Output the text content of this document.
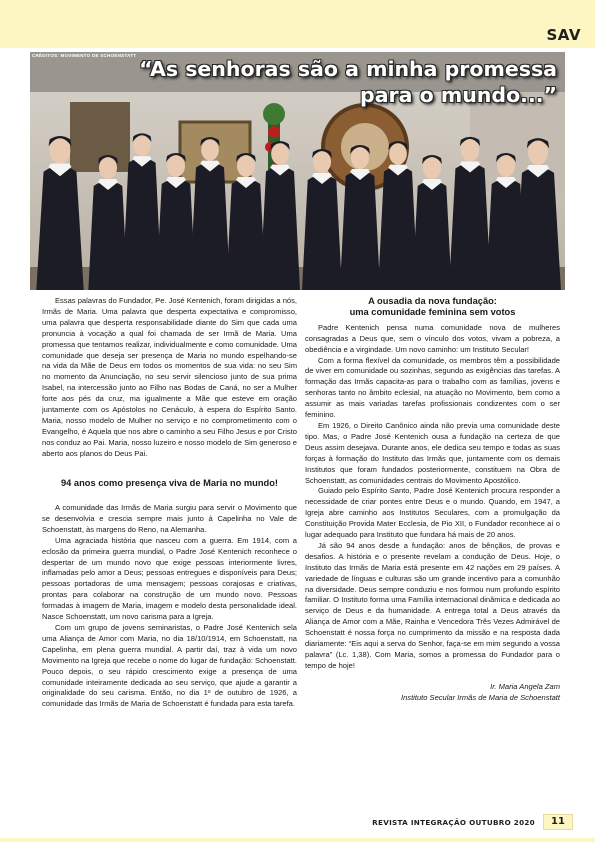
SAV
CRÉDITOS: MOVIMENTO DE SCHOENSTATT
“As senhoras são a minha promessa
para o mundo...”

Essas palavras do Fundador, Pe. José Kentenich, foram dirigidas a nós, Irmãs de Maria. Uma palavra que desperta expectativa e compromisso, uma palavra que desperta responsabilidade diante do Sim que cada uma pronuncia à vocação a qual foi chamada de ser Irmã de Maria. Uma promessa que tentamos realizar, individualmente e como comunidade. Uma comunidade que deseja ser presença de Maria no mundo espelhando-se na vida da Mãe de Deus em todos os momentos de sua vida: no seu Sim no momento da Anunciação, no seu servir silencioso junto de sua prima Isabel, na intercessão junto ao Filho nas Bodas de Caná, no ser a Mulher forte aos pés da cruz, ma igualmente a Mãe que esteve em oração juntamente com os Apóstolos no Cenáculo, à espera do Espírito Santo. Maria, nosso modelo de Mulher no serviço e no comprometimento com o Evangelho, é Aquela que nos abre o caminho a seu Filho Jesus e por Cristo nos conduz ao Pai. Maria, nosso luzeiro e nosso modelo de Sim generoso e aberto aos planos do Deus Pai.

94 anos como presença viva de Maria no mundo!

A comunidade das Irmãs de Maria surgiu para servir o Movimento que se desenvolvia e crescia sempre mais junto à Capelinha no Vale de Schoenstatt, às margens do Reno, na Alemanha.

Uma agraciada história que nasceu com a guerra. Em 1914, com a eclosão da primeira guerra mundial, o Padre José Kentenich reconhece o despertar de um mundo novo que exige pessoas interiormente livres, inflamadas pelo amor a Deus; pessoas entregues e disponíveis para Deus; pessoas portadoras de uma mensagem; pessoas corajosas e criativas, prontas para colaborar na construção de um mundo novo. Pessoas formadas à imagem de Maria, imagem e modelo desta personalidade ideal. Nasce Schoenstatt, um novo carisma para a Igreja.

Com um grupo de jovens seminaristas, o Padre José Kentenich sela uma Aliança de Amor com Maria, no dia 18/10/1914, em Schoenstatt, na Capelinha, em plena guerra mundial. A partir daí, traz à vida um novo Movimento na Igreja que recebe o nome do lugar de fundação: Schoenstatt. Pouco depois, o seu rápido crescimento exige a presença de uma comunidade inteiramente dedicada ao seu serviço, que ajude a garantir a originalidade do seu carisma. Então, no dia 1º de outubro de 1926, a comunidade das Irmãs de Maria de Schoenstatt é fundada para esta tarefa.

A ousadia da nova fundação:
uma comunidade feminina sem votos

Padre Kentenich pensa numa comunidade nova de mulheres consagradas a Deus que, sem o vínculo dos votos, vivam a pobreza, a obediência e a virgindade. Um novo caminho: um Instituto Secular!

Com a forma flexível da comunidade, os membros têm a possibilidade de viver em comunidade ou sozinhas, segundo as exigências das tarefas. A formação das Irmãs capacita-as para o trabalho com as famílias, jovens e senhoras tanto no âmbito eclesial, na atuação no Movimento, bem como a assumir as mais variadas tarefas profissionais condizentes com o ser feminino.

Em 1926, o Direito Canônico ainda não previa uma comunidade deste tipo. Mas, o Padre José Kentenich ousa a fundação na certeza de que Deus assim desejava. Durante anos, ele dedica seu tempo e todas as suas forças à formação do Instituto das Irmãs que, juntamente com os demais Institutos que foram fundados posteriormente, constituem na Obra de Schoenstatt, as comunidades centrais do Movimento Apostólico.

Guiado pelo Espírito Santo, Padre José Kentenich procura responder a necessidade de criar pontes entre Deus e o mundo. Quando, em 1947, a Igreja abre caminho aos Institutos Seculares, com a promulgação da Constituição Provida Mater Ecclesia, de Pio XII, o Fundador reconhece aí o lugar adequado para Instituto que fundara há mais de 20 anos.

Já são 94 anos desde a fundação: anos de bênçãos, de provas e desafios. A história e o presente revelam a condução de Deus. Hoje, o Instituto das Irmãs de Maria está presente em 42 nações em 29 países. A variedade de línguas e culturas são um grande incentivo para a comunhão na diversidade. Deus sempre conduziu e nos formou num profundo espírito familiar. O Instituto forma uma Família internacional dinâmica e dedicada ao serviço de Deus e da humanidade. A entrega total a Deus através da Aliança de Amor com a Mãe, Rainha e Vencedora Três Vezes Admirável de Schoenstatt é nossa força no cumprimento da missão e na resposta dada diariamente: “Eis aqui a serva do Senhor, faça-se em mim segundo a vossa palavra” (Lc. 1,38). Com Maria, somos a promessa do Fundador para o tempo de hoje!

Ir. Maria Angela Zam
Instituto Secular Irmãs de Maria de Schoenstatt
REVISTA INTEGRAÇÃO OUTUBRO 2020	11
